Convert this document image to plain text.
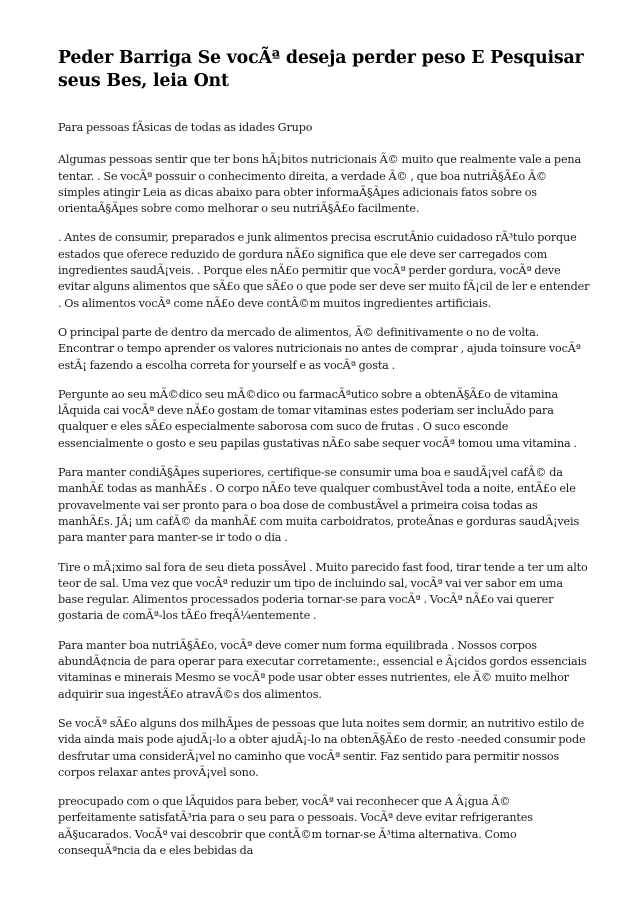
Peder Barriga Se vocÃª deseja perder peso E Pesquisar seus Bes, leia Ont

Para pessoas fÃsicas de todas as idades Grupo

Algumas pessoas sentir que ter bons hÃ¡bitos nutricionais Ã© muito que realmente vale a pena tentar. . Se vocÃª possuir o conhecimento direita, a verdade Ã© , que boa nutriÃ§Ã£o Ã© simples atingir Leia as dicas abaixo para obter informaÃ§Ãµes adicionais fatos sobre os orientaÃ§Ãµes sobre como melhorar o seu nutriÃ§Ã£o facilmente.

. Antes de consumir, preparados e junk alimentos precisa escrutÃnio cuidadoso rÃ³tulo porque estados que oferece reduzido de gordura nÃ£o significa que ele deve ser carregados com ingredientes saudÃ¡veis. . Porque eles nÃ£o permitir que vocÃª perder gordura, vocÃª deve evitar alguns alimentos que sÃ£o que sÃ£o o que pode ser deve ser muito fÃ¡cil de ler e entender . Os alimentos vocÃª come nÃ£o deve contÃ©m muitos ingredientes artificiais.

O principal parte de dentro da mercado de alimentos, Ã© definitivamente o no de volta. Encontrar o tempo aprender os valores nutricionais no antes de comprar , ajuda toinsure vocÃª estÃ¡ fazendo a escolha correta for yourself e as vocÃª gosta .

Pergunte ao seu mÃ©dico seu mÃ©dico ou farmacÃªutico sobre a obtenÃ§Ã£o de vitamina lÃquida cai vocÃª deve nÃ£o gostam de tomar vitaminas estes poderiam ser incluÃdo para qualquer e eles sÃ£o especialmente saborosa com suco de frutas . O suco esconde essencialmente o gosto e seu papilas gustativas nÃ£o sabe sequer vocÃª tomou uma vitamina .

Para manter condiÃ§Ãµes superiores, certifique-se consumir uma boa e saudÃ¡vel cafÃ© da manhÃ£ todas as manhÃ£s . O corpo nÃ£o teve qualquer combustÃvel toda a noite, entÃ£o ele provavelmente vai ser pronto para o boa dose de combustÃvel a primeira coisa todas as manhÃ£s. JÃ¡ um cafÃ© da manhÃ£ com muita carboidratos, proteÃnas e gorduras saudÃ¡veis para manter para manter-se ir todo o dia .

Tire o mÃ¡ximo sal fora de seu dieta possÃvel . Muito parecido fast food, tirar tende a ter um alto teor de sal. Uma vez que vocÃª reduzir um tipo de incluindo sal, vocÃª vai ver sabor em uma base regular. Alimentos processados poderia tornar-se para vocÃª . VocÃª nÃ£o vai querer gostaria de comÃª-los tÃ£o freqÃ¼entemente .

Para manter boa nutriÃ§Ã£o, vocÃª deve comer num forma equilibrada . Nossos corpos abundÃ¢ncia de para operar para executar corretamente:, essencial e Ã¡cidos gordos essenciais vitaminas e minerais Mesmo se vocÃª pode usar obter esses nutrientes, ele Ã© muito melhor adquirir sua ingestÃ£o atravÃ©s dos alimentos.

Se vocÃª sÃ£o alguns dos milhÃµes de pessoas que luta noites sem dormir, an nutritivo estilo de vida ainda mais pode ajudÃ¡-lo a obter ajudÃ¡-lo na obtenÃ§Ã£o de resto -needed consumir pode desfrutar uma considerÃ¡vel no caminho que vocÃª sentir. Faz sentido para permitir nossos corpos relaxar antes provÃ¡vel sono.

preocupado com o que lÃquidos para beber, vocÃª vai reconhecer que A Ã¡gua Ã© perfeitamente satisfatÃ³ria para o seu para o pessoais. VocÃª deve evitar refrigerantes aÃ§ucarados. VocÃª vai descobrir que contÃ©m tornar-se Ã³tima alternativa. Como consequÃªncia da e eles bebidas da
